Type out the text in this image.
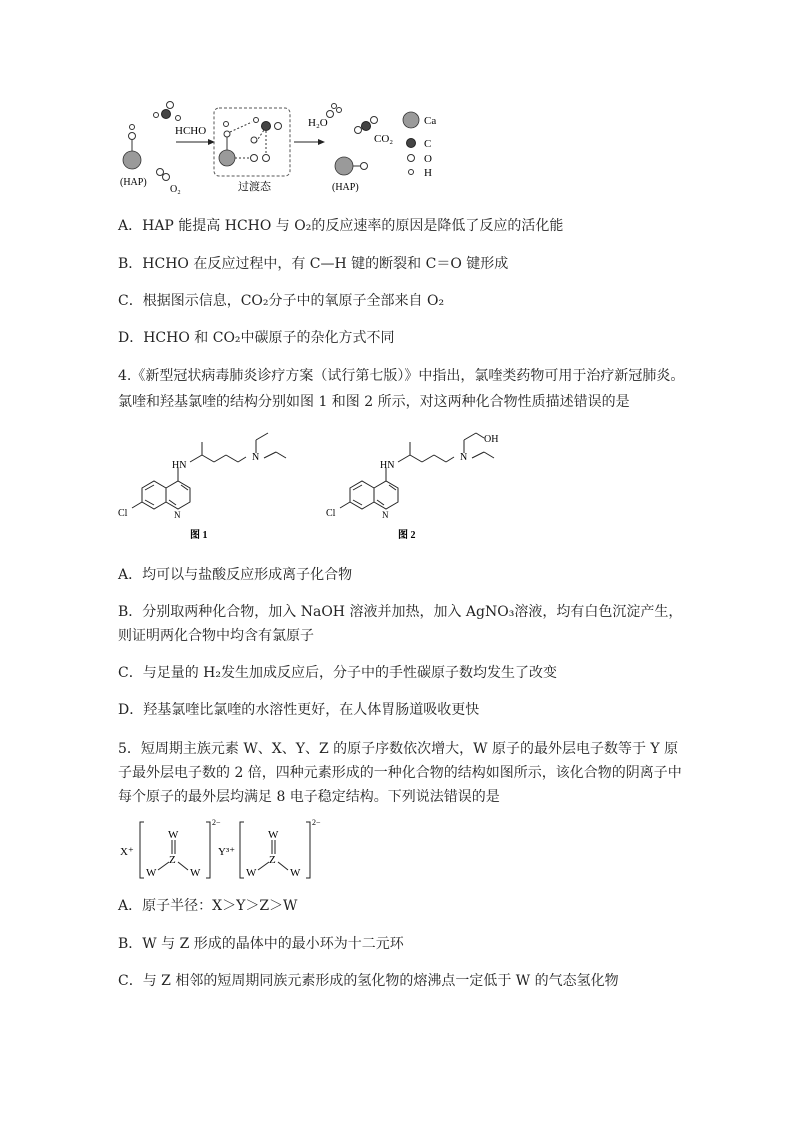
(HAP)
O₂
HCHO
过渡态
H₂O
CO₂
(HAP)
Ca
C
O
H
A．HAP 能提高 HCHO 与 O₂的反应速率的原因是降低了反应的活化能
B．HCHO 在反应过程中，有 C—H 键的断裂和 C＝O 键形成
C．根据图示信息，CO₂分子中的氧原子全部来自 O₂
D．HCHO 和 CO₂中碳原子的杂化方式不同
4.《新型冠状病毒肺炎诊疗方案（试行第七版）》中指出，氯喹类药物可用于治疗新冠肺炎。
氯喹和羟基氯喹的结构分别如图 1 和图 2 所示，对这两种化合物性质描述错误的是
HN
N
N
Cl
图 1
HN
N
OH
N
Cl
图 2
A．均可以与盐酸反应形成离子化合物
B．分别取两种化合物，加入 NaOH 溶液并加热，加入 AgNO₃溶液，均有白色沉淀产生，
则证明两化合物中均含有氯原子
C．与足量的 H₂发生加成反应后，分子中的手性碳原子数均发生了改变
D．羟基氯喹比氯喹的水溶性更好，在人体胃肠道吸收更快
5．短周期主族元素 W、X、Y、Z 的原子序数依次增大，W 原子的最外层电子数等于 Y 原
子最外层电子数的 2 倍，四种元素形成的一种化合物的结构如图所示，该化合物的阴离子中
每个原子的最外层均满足 8 电子稳定结构。下列说法错误的是
X⁺
W
Z
W	W
2−
Y³⁺
W
Z
W	W
2−
A．原子半径：X＞Y＞Z＞W
B．W 与 Z 形成的晶体中的最小环为十二元环
C．与 Z 相邻的短周期同族元素形成的氢化物的熔沸点一定低于 W 的气态氢化物
